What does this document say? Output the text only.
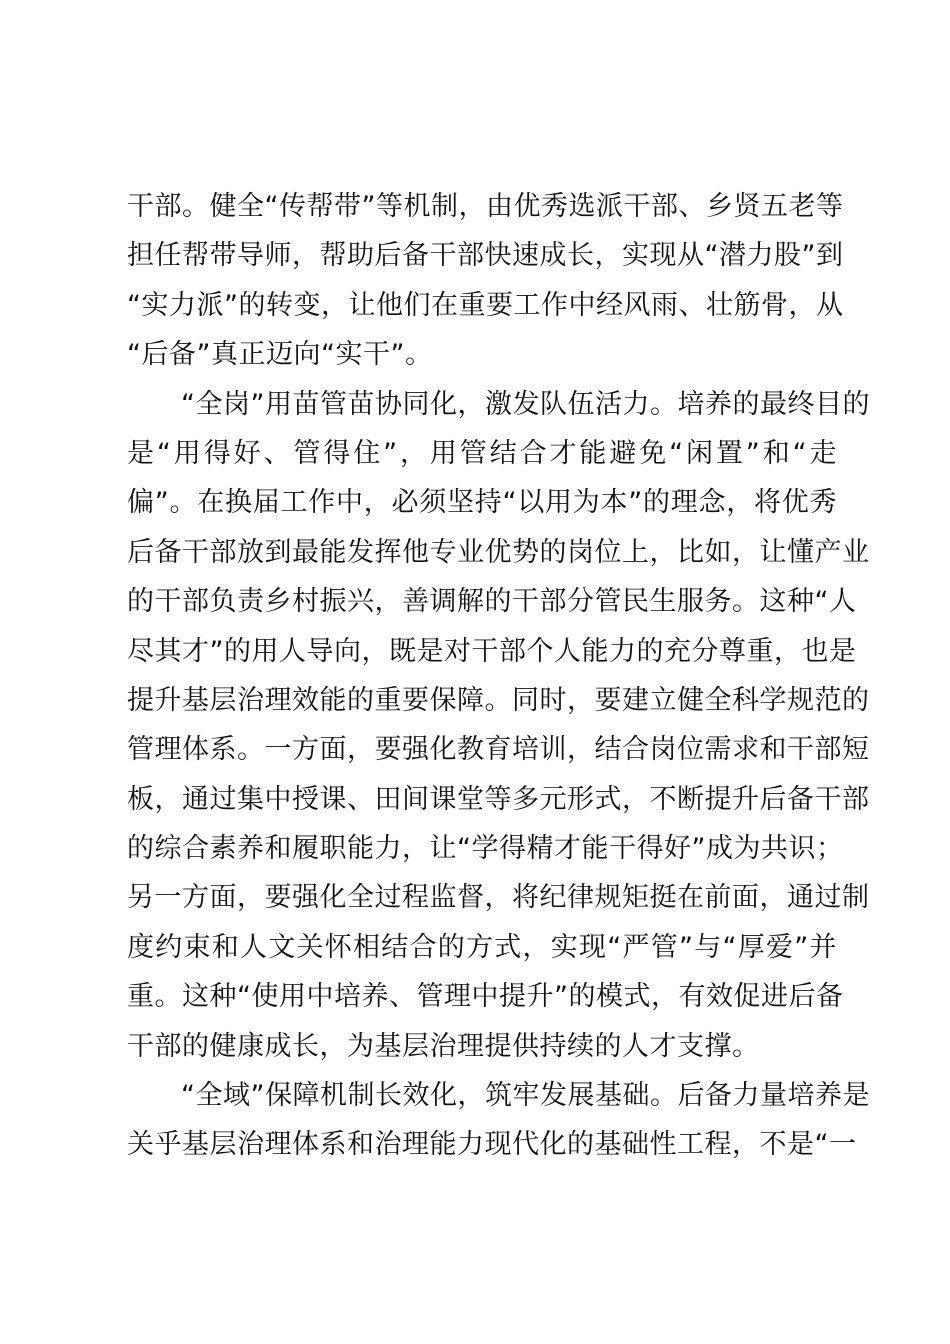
干部。健全“传帮带”等机制，由优秀选派干部、乡贤五老等
担任帮带导师，帮助后备干部快速成长，实现从“潜力股”到
“实力派”的转变，让他们在重要工作中经风雨、壮筋骨，从
“后备”真正迈向“实干”。
“全岗”用苗管苗协同化，激发队伍活力。培养的最终目的
是“用得好、管得住”，用管结合才能避免“闲置”和“走
偏”。在换届工作中，必须坚持“以用为本”的理念，将优秀
后备干部放到最能发挥他专业优势的岗位上，比如，让懂产业
的干部负责乡村振兴，善调解的干部分管民生服务。这种“人
尽其才”的用人导向，既是对干部个人能力的充分尊重，也是
提升基层治理效能的重要保障。同时，要建立健全科学规范的
管理体系。一方面，要强化教育培训，结合岗位需求和干部短
板，通过集中授课、田间课堂等多元形式，不断提升后备干部
的综合素养和履职能力，让“学得精才能干得好”成为共识；
另一方面，要强化全过程监督，将纪律规矩挺在前面，通过制
度约束和人文关怀相结合的方式，实现“严管”与“厚爱”并
重。这种“使用中培养、管理中提升”的模式，有效促进后备
干部的健康成长，为基层治理提供持续的人才支撑。
“全域”保障机制长效化，筑牢发展基础。后备力量培养是
关乎基层治理体系和治理能力现代化的基础性工程，不是“一
